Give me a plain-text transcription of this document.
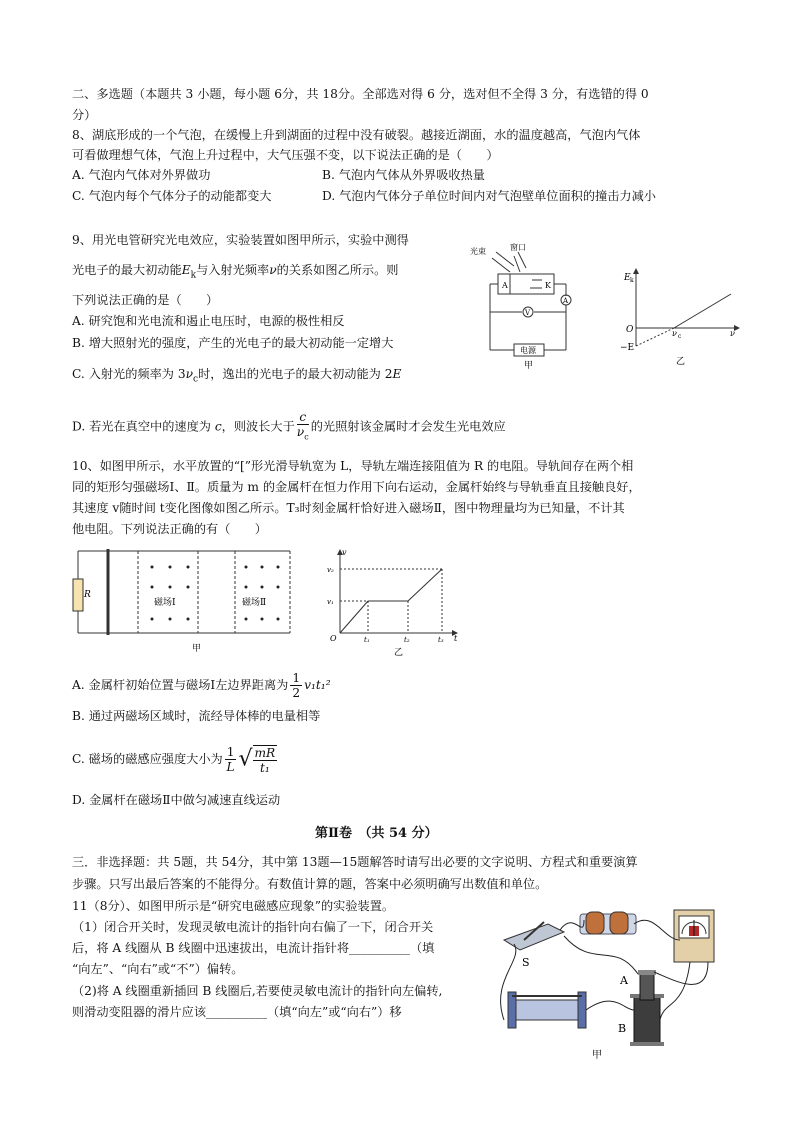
二、多选题（本题共 3 小题，每小题 6分，共 18分。全部选对得 6 分，选对但不全得 3 分，有选错的得 0
分）
8、湖底形成的一个气泡，在缓慢上升到湖面的过程中没有破裂。越接近湖面，水的温度越高，气泡内气体
可看做理想气体，气泡上升过程中，大气压强不变，以下说法正确的是（　　）
A. 气泡内气体对外界做功	B. 气泡内气体从外界吸收热量
C. 气泡内每个气体分子的动能都变大	D. 气泡内气体分子单位时间内对气泡壁单位面积的撞击力减小
9、用光电管研究光电效应，实验装置如图甲所示，实验中测得
光电子的最大初动能$E_k$与入射光频率ν的关系如图乙所示。则
下列说法正确的是（　　）
A. 研究饱和光电流和遏止电压时，电源的极性相反
B. 增大照射光的强度，产生的光电子的最大初动能一定增大
C. 入射光的频率为 $3\nu_c$时，逸出的光电子的最大初动能为 2E
D. 若光在真空中的速度为 c，则波长大于 $\frac{c}{\nu_c}$ 的光照射该金属时才会发生光电效应
光束	窗口
A	K
A
V
电源
甲
E k
O
−E
ν c	ν
乙
10、如图甲所示，水平放置的“[”形光滑导轨宽为 L，导轨左端连接阻值为 R 的电阻。导轨间存在两个相
同的矩形匀强磁场Ⅰ、Ⅱ。质量为 m 的金属杆在恒力作用下向右运动，金属杆始终与导轨垂直且接触良好，
其速度 v随时间 t变化图像如图乙所示。T₃时刻金属杆恰好进入磁场Ⅱ，图中物理量均为已知量，不计其
他电阻。下列说法正确的有（　　）
R
磁场Ⅰ	磁场Ⅱ
甲
v
v₂
v₁
O	t₁	t₂	t₃ t
乙
A. 金属杆初始位置与磁场Ⅰ左边界距离为 $\frac{1}{2} v_1t_1^2$
B. 通过两磁场区域时，流经导体棒的电量相等
C. 磁场的磁感应强度大小为 $\frac{1}{L}$ √ $\frac{mR}{\text{t₁}}$
D. 金属杆在磁场Ⅱ中做匀减速直线运动
第Ⅱ卷　（共 54 分）
三．非选择题：共 5题，共 54分，其中第 13题—15题解答时请写出必要的文字说明、方程式和重要演算
步骤。只写出最后答案的不能得分。有数值计算的题，答案中必须明确写出数值和单位。
11（8分）、如图甲所示是“研究电磁感应现象”的实验装置。
（1）闭合开关时，发现灵敏电流计的指针向右偏了一下，闭合开关
后，将 A 线圈从 B 线圈中迅速拔出，电流计指针将__________（填
“向左”、“向右”或“不”）偏转。
（2)将 A 线圈重新插回 B 线圈后,若要使灵敏电流计的指针向左偏转,
则滑动变阻器的滑片应该__________（填“向左”或“向右”）移
S
A
B
甲
